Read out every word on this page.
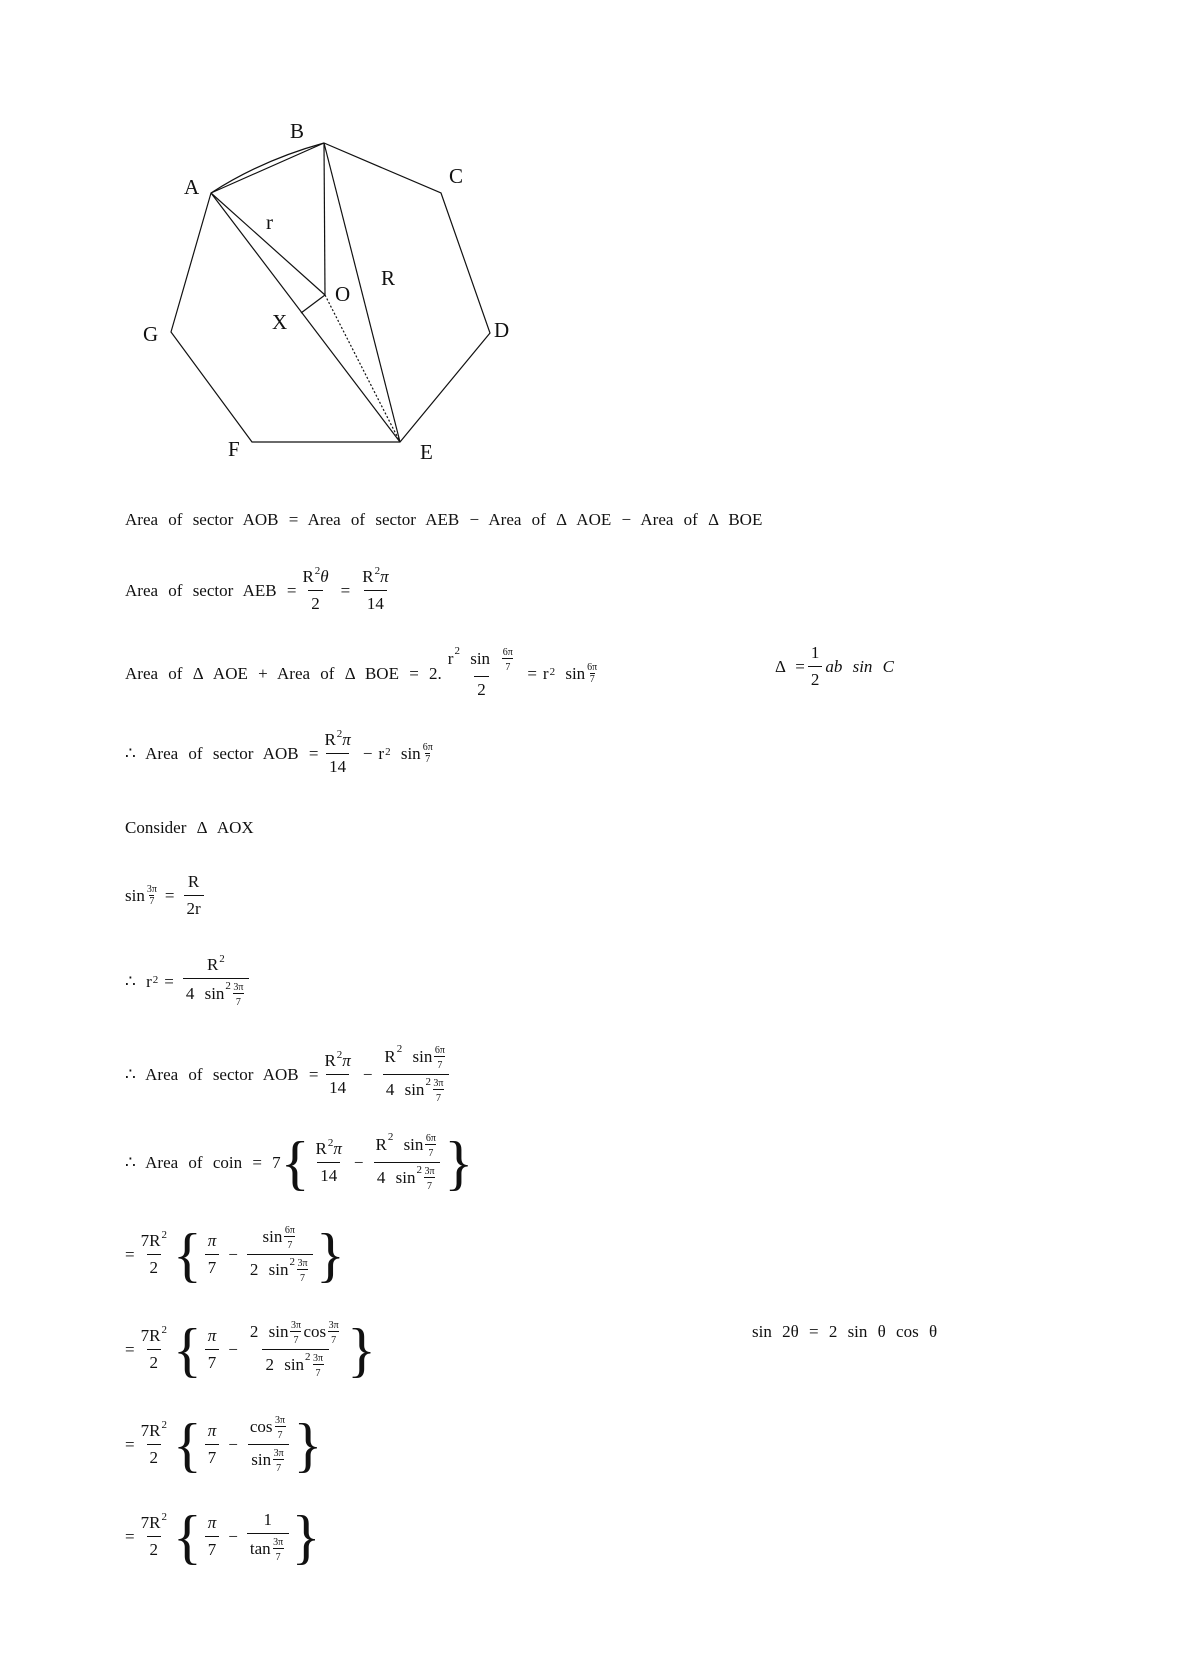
B
A	C
r
R
O
X
G	D
F	E
Area of sector AOB = Area of sector AEB − Area of Δ AOE − Area of Δ BOE
Area of sector AEB = $\frac{R^2\theta}{2} = \frac{R^2\pi}{14}$
Area of Δ AOE + Area of Δ BOE = 2. $\frac{r^2 \sin \frac{6\pi}{7}}{2} = r$ 2
sin 6π
7
$\Delta = \frac{1}{2}$ ab sin C
∴ Area of sector AOB = $\frac{R^2\pi}{14} - r$ 2
sin 6π
7
Consider Δ AOX
$\sin \frac{3\pi}{7} = \frac{R}{2r}$
∴ r $2 = \frac{R^2}{4 \sin^2 \frac{3\pi}{7}}$
∴ Area of sector AOB = $\frac{R^2\pi}{14} - \frac{R^2 \sin \frac{6\pi}{7}}{4 \sin^2 \frac{3\pi}{7}}$
∴ Area of coin = 7 { $\frac{R^2\pi}{14} - \frac{R^2 \sin \frac{6\pi}{7}}{4 \sin^2 \frac{3\pi}{7}}$ }
= $\frac{7R^2}{2}$ { $\frac{\pi}{7} - \frac{\sin \frac{6\pi}{7}}{2 \sin^2 \frac{3\pi}{7}}$ }
= $\frac{7R^2}{2}$ { $\frac{\pi}{7} - \frac{2 \sin \frac{3\pi}{7} \cos \frac{3\pi}{7}}{2 \sin^2 \frac{3\pi}{7}}$ }	sin 2θ = 2 sin θ cos θ
= $\frac{7R^2}{2}$ { $\frac{\pi}{7} - \frac{\cos \frac{3\pi}{7}}{\sin \frac{3\pi}{7}}$ }
= $\frac{7R^2}{2}$ { $\frac{\pi}{7} - \frac{1}{\tan \frac{3\pi}{7}}$ }
